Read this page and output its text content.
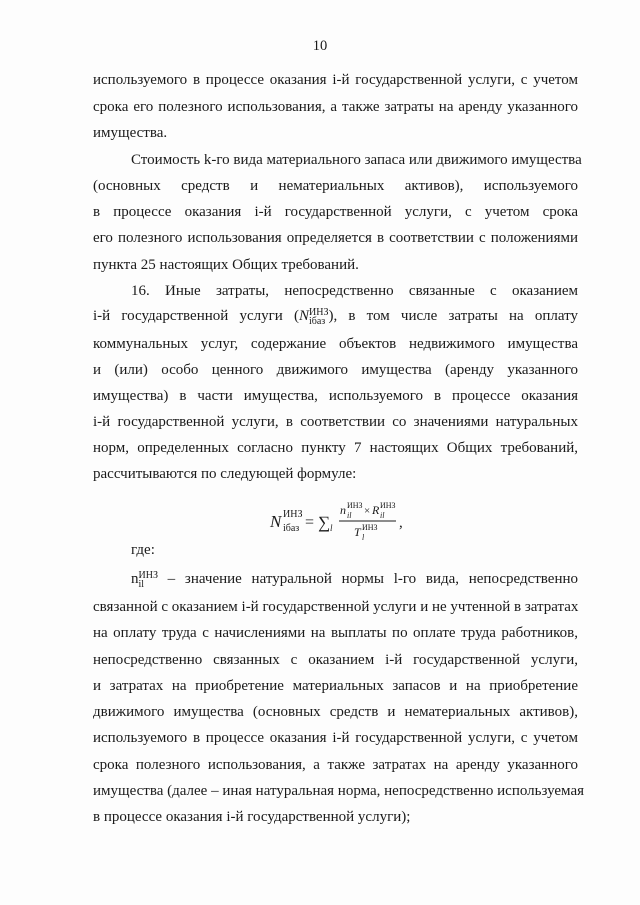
10
используемого в процессе оказания i-й государственной услуги, с учетом
срока его полезного использования, а также затраты на аренду указанного
имущества.
Стоимость k-го вида материального запаса или движимого имущества
(основных средств и нематериальных активов), используемого
в процессе оказания i-й государственной услуги, с учетом срока
его полезного использования определяется в соответствии с положениями
пункта 25 настоящих Общих требований.
16. Иные затраты, непосредственно связанные с оказанием
i-й государственной услуги (N ИНЗ
iбаз ), в том числе затраты на оплату
коммунальных услуг, содержание объектов недвижимого имущества
и (или) особо ценного движимого имущества (аренду указанного
имущества) в части имущества, используемого в процессе оказания
i-й государственной услуги, в соответствии со значениями натуральных
норм, определенных согласно пункту 7 настоящих Общих требований,
рассчитываются по следующей формуле:
N ИНЗ
iбаз = ∑ l
n ИНЗ
il × R ИНЗ
il
T ИНЗ
l
,
где:
n ИНЗ
il – значение натуральной нормы l-го вида, непосредственно
связанной с оказанием i-й государственной услуги и не учтенной в затратах
на оплату труда с начислениями на выплаты по оплате труда работников,
непосредственно связанных с оказанием i-й государственной услуги,
и затратах на приобретение материальных запасов и на приобретение
движимого имущества (основных средств и нематериальных активов),
используемого в процессе оказания i-й государственной услуги, с учетом
срока полезного использования, а также затратах на аренду указанного
имущества (далее – иная натуральная норма, непосредственно используемая
в процессе оказания i-й государственной услуги);
